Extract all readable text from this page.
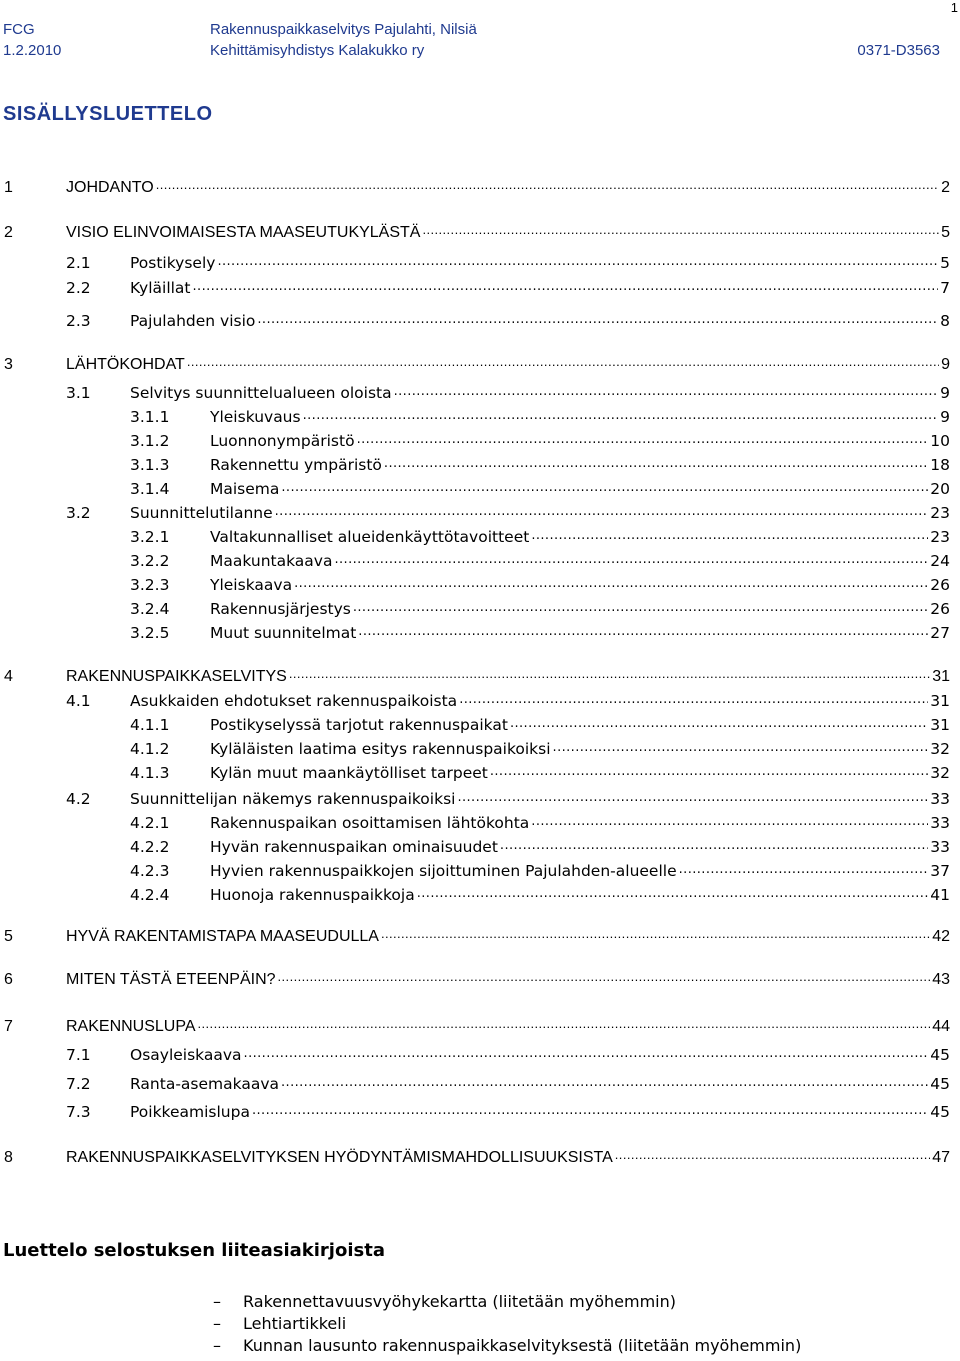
FCG
1.2.2010
Rakennuspaikkaselvitys Pajulahti, Nilsiä
Kehittämisyhdistys Kalakukko ry	0371-D3563
1
SISÄLLYSLUETTELO
1	JOHDANTO .....	2
2	VISIO ELINVOIMAISESTA MAASEUTUKYLÄSTÄ .....	5
2.1	Postikysely .....	5
2.2	Kyläillat .....	7
2.3	Pajulahden visio .....	8
3	LÄHTÖKOHDAT .....	9
3.1	Selvitys suunnittelualueen oloista .....	9
3.1.1	Yleiskuvaus .....	9
3.1.2	Luonnonympäristö .....	10
3.1.3	Rakennettu ympäristö .....	18
3.1.4	Maisema .....	20
3.2	Suunnittelutilanne .....	23
3.2.1	Valtakunnalliset alueidenkäyttötavoitteet .....	23
3.2.2	Maakuntakaava .....	24
3.2.3	Yleiskaava .....	26
3.2.4	Rakennusjärjestys .....	26
3.2.5	Muut suunnitelmat .....	27
4	RAKENNUSPAIKKASELVITYS .....	31
4.1	Asukkaiden ehdotukset rakennuspaikoista .....	31
4.1.1	Postikyselyssä tarjotut rakennuspaikat .....	31
4.1.2	Kyläläisten laatima esitys rakennuspaikoiksi .....	32
4.1.3	Kylän muut maankäytölliset tarpeet .....	32
4.2	Suunnittelijan näkemys rakennuspaikoiksi .....	33
4.2.1	Rakennuspaikan osoittamisen lähtökohta .....	33
4.2.2	Hyvän rakennuspaikan ominaisuudet .....	33
4.2.3	Hyvien rakennuspaikkojen sijoittuminen Pajulahden-alueelle .....	37
4.2.4	Huonoja rakennuspaikkoja .....	41
5	HYVÄ RAKENTAMISTAPA MAASEUDULLA .....	42
6	MITEN TÄSTÄ ETEENPÄIN? .....	43
7	RAKENNUSLUPA .....	44
7.1	Osayleiskaava .....	45
7.2	Ranta-asemakaava .....	45
7.3	Poikkeamislupa .....	45
8	RAKENNUSPAIKKASELVITYKSEN HYÖDYNTÄMISMAHDOLLISUUKSISTA .....	47
Luettelo selostuksen liiteasiakirjoista
–	Rakennettavuusvyöhykekartta (liitetään myöhemmin)
–	Lehtiartikkeli
–	Kunnan lausunto rakennuspaikkaselvityksestä (liitetään myöhemmin)
